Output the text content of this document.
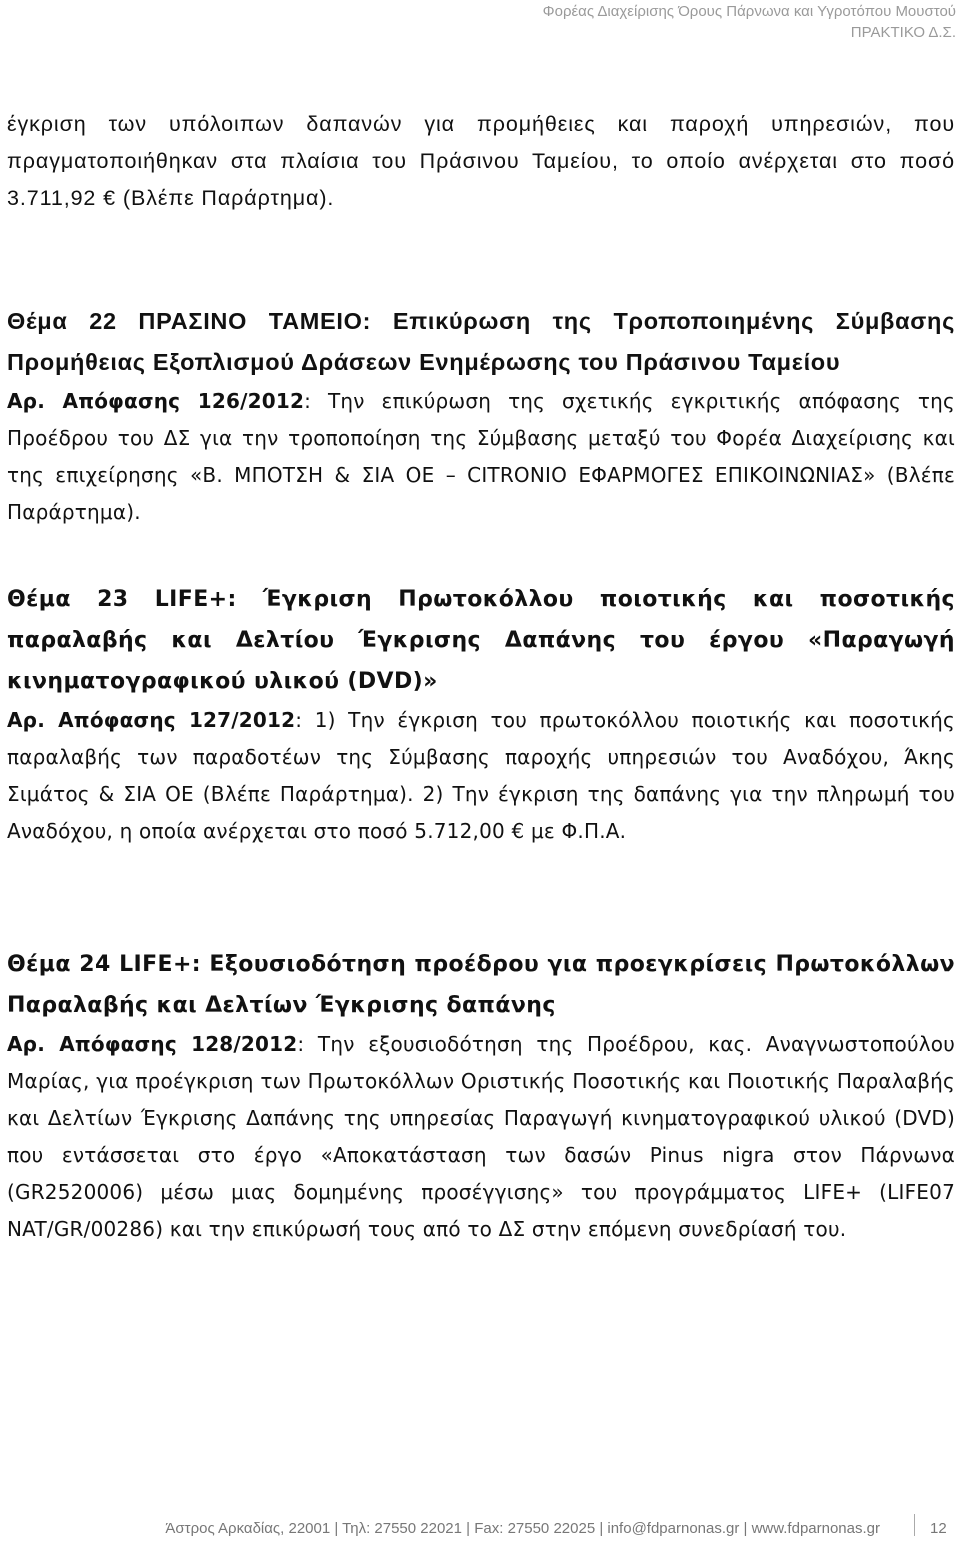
Φορέας Διαχείρισης Όρους Πάρνωνα και Υγροτόπου Μουστού
ΠΡΑΚΤΙΚΟ Δ.Σ.

έγκριση των υπόλοιπων δαπανών για προμήθειες και παροχή υπηρεσιών, που πραγματοποιήθηκαν στα πλαίσια του Πράσινου Ταμείου, το οποίο ανέρχεται στο ποσό 3.711,92 € (Βλέπε Παράρτημα).

Θέμα 22 ΠΡΑΣΙΝΟ ΤΑΜΕΙΟ: Επικύρωση της Τροποποιημένης Σύμβασης Προμήθειας Εξοπλισμού Δράσεων Ενημέρωσης του Πράσινου Ταμείου

Αρ. Απόφασης 126/2012: Την επικύρωση της σχετικής εγκριτικής απόφασης της Προέδρου του ΔΣ για την τροποποίηση της Σύμβασης μεταξύ του Φορέα Διαχείρισης και της επιχείρησης «Β. ΜΠΟΤΣΗ & ΣΙΑ ΟΕ – CITRONIO ΕΦΑΡΜΟΓΕΣ ΕΠΙΚΟΙΝΩΝΙΑΣ» (Βλέπε Παράρτημα).

Θέμα 23 LIFE+: Έγκριση Πρωτοκόλλου ποιοτικής και ποσοτικής παραλαβής και Δελτίου Έγκρισης Δαπάνης του έργου «Παραγωγή κινηματογραφικού υλικού (DVD)»

Αρ. Απόφασης 127/2012: 1) Την έγκριση του πρωτοκόλλου ποιοτικής και ποσοτικής παραλαβής των παραδοτέων της Σύμβασης παροχής υπηρεσιών του Αναδόχου, Άκης Σιμάτος & ΣΙΑ ΟΕ (Βλέπε Παράρτημα). 2) Την έγκριση της δαπάνης για την πληρωμή του Αναδόχου, η οποία ανέρχεται στο ποσό 5.712,00 € με Φ.Π.Α.

Θέμα 24 LIFE+: Εξουσιοδότηση προέδρου για προεγκρίσεις Πρωτοκόλλων Παραλαβής και Δελτίων Έγκρισης δαπάνης

Αρ. Απόφασης 128/2012: Την εξουσιοδότηση της Προέδρου, κας. Αναγνωστοπούλου Μαρίας, για προέγκριση των Πρωτοκόλλων Οριστικής Ποσοτικής και Ποιοτικής Παραλαβής και Δελτίων Έγκρισης Δαπάνης της υπηρεσίας Παραγωγή κινηματογραφικού υλικού (DVD) που εντάσσεται στο έργο «Αποκατάσταση των δασών Pinus nigra στον Πάρνωνα (GR2520006) μέσω μιας δομημένης προσέγγισης» του προγράμματος LIFE+ (LIFE07 NAT/GR/00286) και την επικύρωσή τους από το ΔΣ στην επόμενη συνεδρίασή του.

Άστρος Αρκαδίας, 22001 | Τηλ: 27550 22021 | Fax: 27550 22025 | info@fdparnonas.gr | www.fdparnonas.gr	12
